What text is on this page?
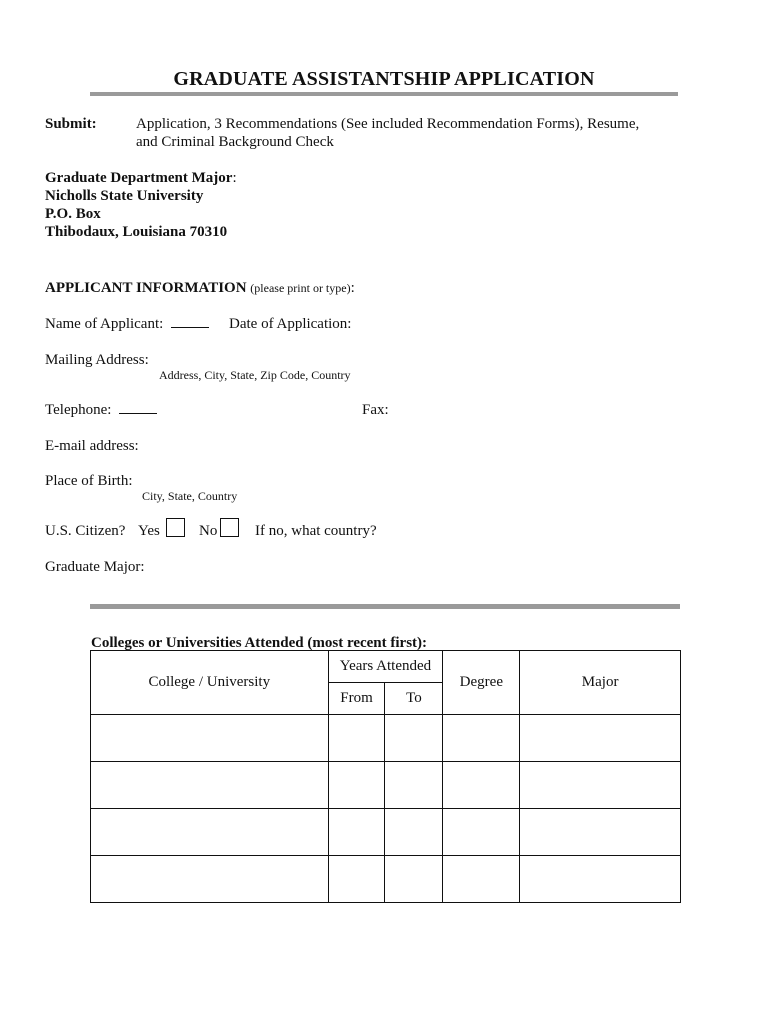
GRADUATE ASSISTANTSHIP APPLICATION
Submit:	Application, 3 Recommendations (See included Recommendation Forms), Resume,
and Criminal Background Check
Graduate Department Major:
Nicholls State University
P.O. Box
Thibodaux, Louisiana 70310
APPLICANT INFORMATION (please print or type):
Name of Applicant:	Date of Application:
Mailing Address:
Address, City, State, Zip Code, Country
Telephone:	Fax:
E-mail address:
Place of Birth:
City, State, Country
U.S. Citizen? Yes	No	If no, what country?
Graduate Major:
Colleges or Universities Attended (most recent first):
College / University	Years Attended		Degree	Major
	From	To		
